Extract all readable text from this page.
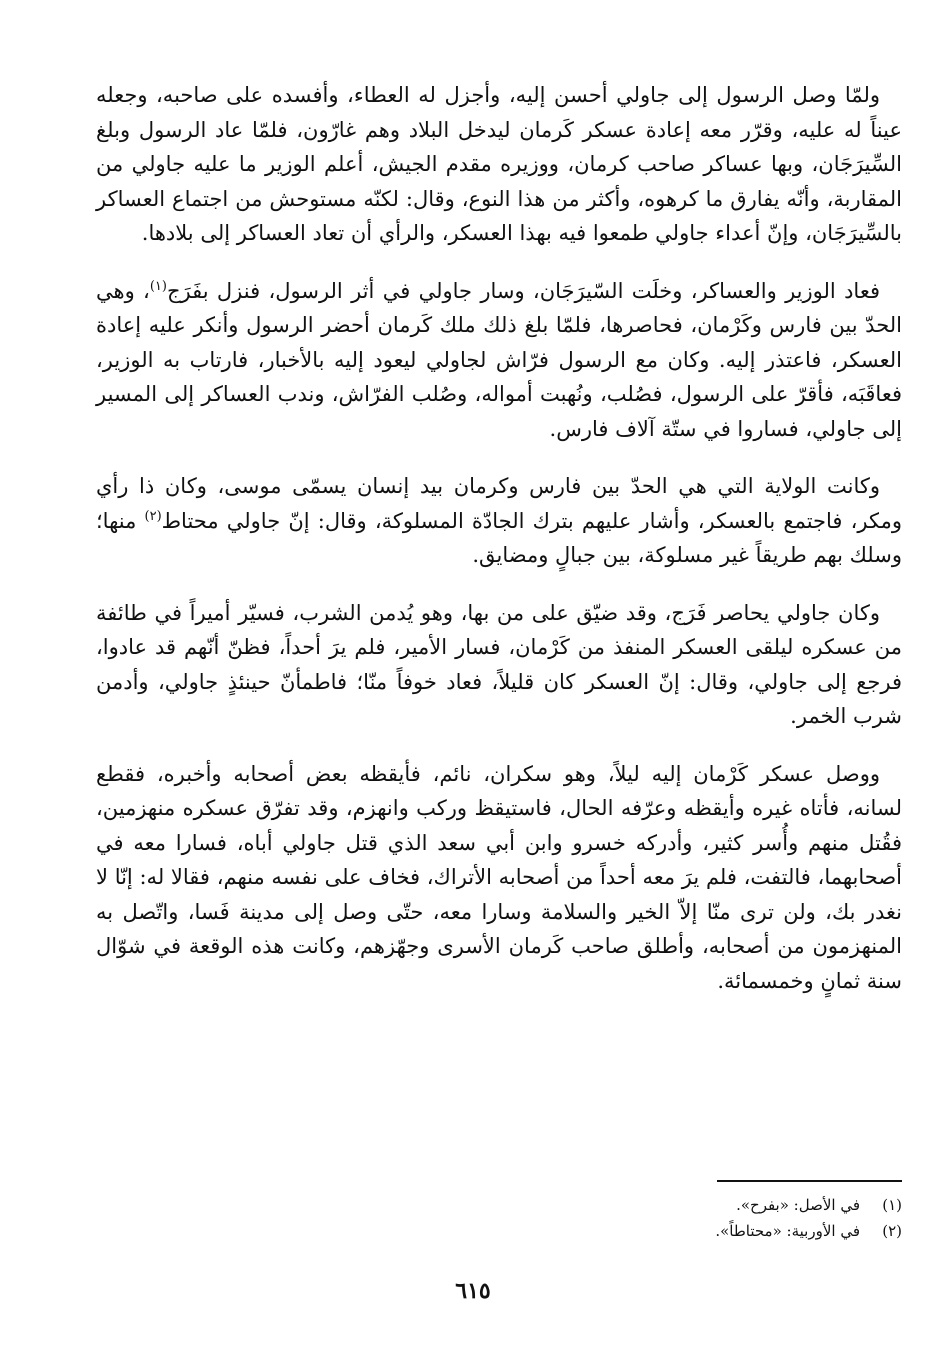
ولمّا وصل الرسول إلى جاولي أحسن إليه، وأجزل له العطاء، وأفسده على صاحبه، وجعله عيناً له عليه، وقرّر معه إعادة عسكر كَرمان ليدخل البلاد وهم غارّون، فلمّا عاد الرسول وبلغ السِّيرَجَان، وبها عساكر صاحب كرمان، ووزيره مقدم الجيش، أعلم الوزير ما عليه جاولي من المقاربة، وأنّه يفارق ما كرهوه، وأكثر من هذا النوع، وقال: لكنّه مستوحش من اجتماع العساكر بالسِّيرَجَان، وإنّ أعداء جاولي طمعوا فيه بهذا العسكر، والرأي أن تعاد العساكر إلى بلادها.

فعاد الوزير والعساكر، وخلَت السّيرَجَان، وسار جاولي في أثر الرسول، فنزل بفَرَج$^{(١)}$، وهي الحدّ بين فارس وكَرْمان، فحاصرها، فلمّا بلغ ذلك ملك كَرمان أحضر الرسول وأنكر عليه إعادة العسكر، فاعتذر إليه. وكان مع الرسول فرّاش لجاولي ليعود إليه بالأخبار، فارتاب به الوزير، فعاقَبَه، فأقرّ على الرسول، فصُلب، ونُهبت أمواله، وصُلب الفرّاش، وندب العساكر إلى المسير إلى جاولي، فساروا في ستّة آلاف فارس.

وكانت الولاية التي هي الحدّ بين فارس وكرمان بيد إنسان يسمّى موسى، وكان ذا رأي ومكر، فاجتمع بالعسكر، وأشار عليهم بترك الجادّة المسلوكة، وقال: إنّ جاولي محتاط$^{(٢)}$ منها؛ وسلك بهم طريقاً غير مسلوكة، بين جبالٍ ومضايق.

وكان جاولي يحاصر فَرَج، وقد ضيّق على من بها، وهو يُدمن الشرب، فسيّر أميراً في طائفة من عسكره ليلقى العسكر المنفذ من كَرْمان، فسار الأمير، فلم يرَ أحداً، فظنّ أنّهم قد عادوا، فرجع إلى جاولي، وقال: إنّ العسكر كان قليلاً، فعاد خوفاً منّا؛ فاطمأنّ حينئذٍ جاولي، وأدمن شرب الخمر.

ووصل عسكر كَرْمان إليه ليلاً، وهو سكران، نائم، فأيقظه بعض أصحابه وأخبره، فقطع لسانه، فأتاه غيره وأيقظه وعرّفه الحال، فاستيقظ وركب وانهزم، وقد تفرّق عسكره منهزمين، فقُتل منهم وأُسر كثير، وأدركه خسرو وابن أبي سعد الذي قتل جاولي أباه، فسارا معه في أصحابهما، فالتفت، فلم يرَ معه أحداً من أصحابه الأتراك، فخاف على نفسه منهم، فقالا له: إنّا لا نغدر بك، ولن ترى منّا إلاّ الخير والسلامة وسارا معه، حتّى وصل إلى مدينة فَسا، واتّصل به المنهزمون من أصحابه، وأطلق صاحب كَرمان الأسرى وجهّزهم، وكانت هذه الوقعة في شوّال سنة ثمانٍ وخمسمائة.

(١)في الأصل: «بفرح».
(٢)في الأوربية: «محتاطاً».
٦١٥
